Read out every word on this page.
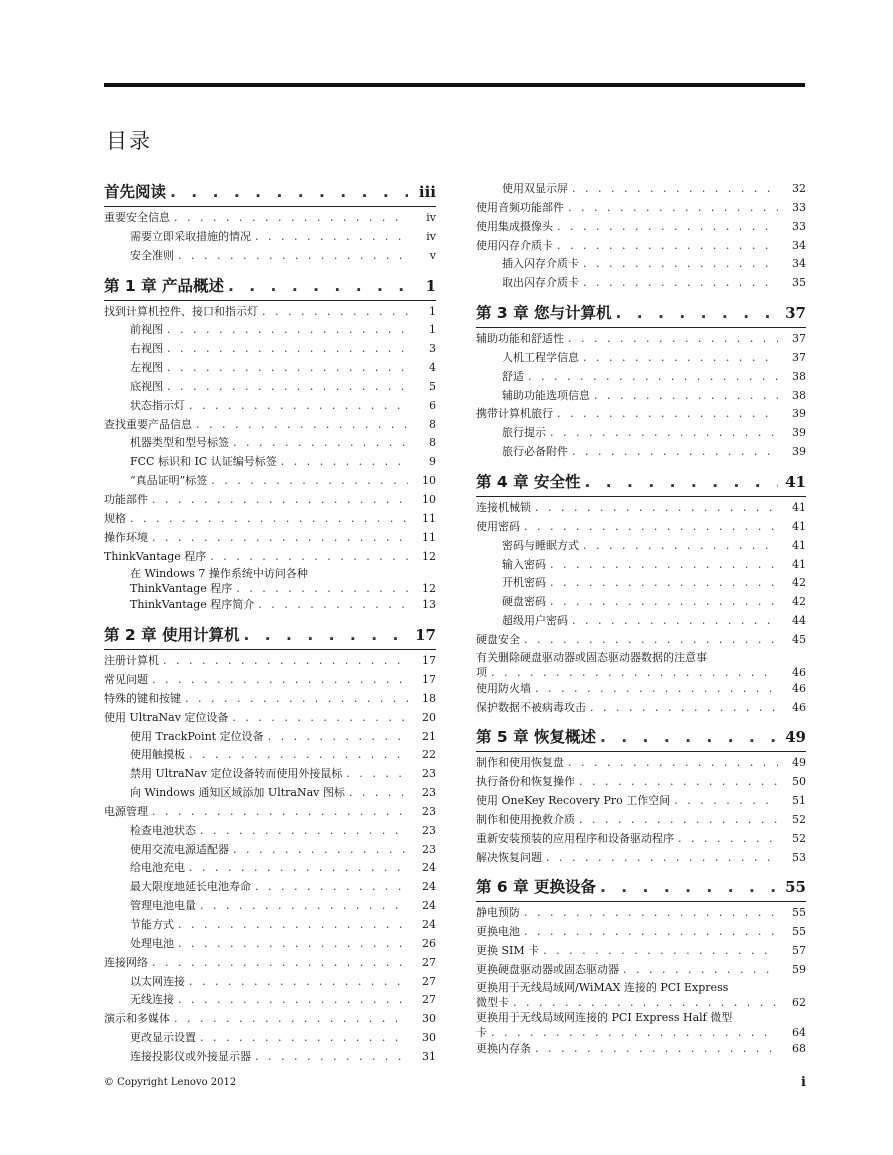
目录
首先阅读 . . .	iii
重要安全信息 . . .	iv
需要立即采取措施的情况 . . .	iv
安全准则 . . .	v
第 1 章 产品概述 . . .	1
找到计算机控件、接口和指示灯 . . .	1
前视图 . . .	1
右视图 . . .	3
左视图 . . .	4
底视图 . . .	5
状态指示灯 . . .	6
查找重要产品信息 . . .	8
机器类型和型号标签 . . .	8
FCC 标识和 IC 认证编号标签 . . .	9
“真品证明”标签 . . .	10
功能部件 . . .	10
规格 . . .	11
操作环境 . . .	11
ThinkVantage 程序 . . .	12
在 Windows 7 操作系统中访问各种
ThinkVantage 程序 . . .	12
ThinkVantage 程序简介 . . .	13
第 2 章 使用计算机 . . .	17
注册计算机 . . .	17
常见问题 . . .	17
特殊的键和按键 . . .	18
使用 UltraNav 定位设备 . . .	20
使用 TrackPoint 定位设备 . . .	21
使用触摸板 . . .	22
禁用 UltraNav 定位设备转而使用外接鼠标 . . .	23
向 Windows 通知区域添加 UltraNav 图标 . . .	23
电源管理 . . .	23
检查电池状态 . . .	23
使用交流电源适配器 . . .	23
给电池充电 . . .	24
最大限度地延长电池寿命 . . .	24
管理电池电量 . . .	24
节能方式 . . .	24
处理电池 . . .	26
连接网络 . . .	27
以太网连接 . . .	27
无线连接 . . .	27
演示和多媒体 . . .	30
更改显示设置 . . .	30
连接投影仪或外接显示器 . . .	31
使用双显示屏 . . .	32
使用音频功能部件 . . .	33
使用集成摄像头 . . .	33
使用闪存介质卡 . . .	34
插入闪存介质卡 . . .	34
取出闪存介质卡 . . .	35
第 3 章 您与计算机 . . .	37
辅助功能和舒适性 . . .	37
人机工程学信息 . . .	37
舒适 . . .	38
辅助功能选项信息 . . .	38
携带计算机旅行 . . .	39
旅行提示 . . .	39
旅行必备附件 . . .	39
第 4 章 安全性 . . .	41
连接机械锁 . . .	41
使用密码 . . .	41
密码与睡眠方式 . . .	41
输入密码 . . .	41
开机密码 . . .	42
硬盘密码 . . .	42
超级用户密码 . . .	44
硬盘安全 . . .	45
有关删除硬盘驱动器或固态驱动器数据的注意事
项 . . .	46
使用防火墙 . . .	46
保护数据不被病毒攻击 . . .	46
第 5 章 恢复概述 . . .	49
制作和使用恢复盘 . . .	49
执行备份和恢复操作 . . .	50
使用 OneKey Recovery Pro 工作空间 . . .	51
制作和使用挽救介质 . . .	52
重新安装预装的应用程序和设备驱动程序 . . .	52
解决恢复问题 . . .	53
第 6 章 更换设备 . . .	55
静电预防 . . .	55
更换电池 . . .	55
更换 SIM 卡 . . .	57
更换硬盘驱动器或固态驱动器 . . .	59
更换用于无线局域网/WiMAX 连接的 PCI Express
微型卡 . . .	62
更换用于无线局域网连接的 PCI Express Half 微型
卡 . . .	64
更换内存条 . . .	68
© Copyright Lenovo 2012	i
